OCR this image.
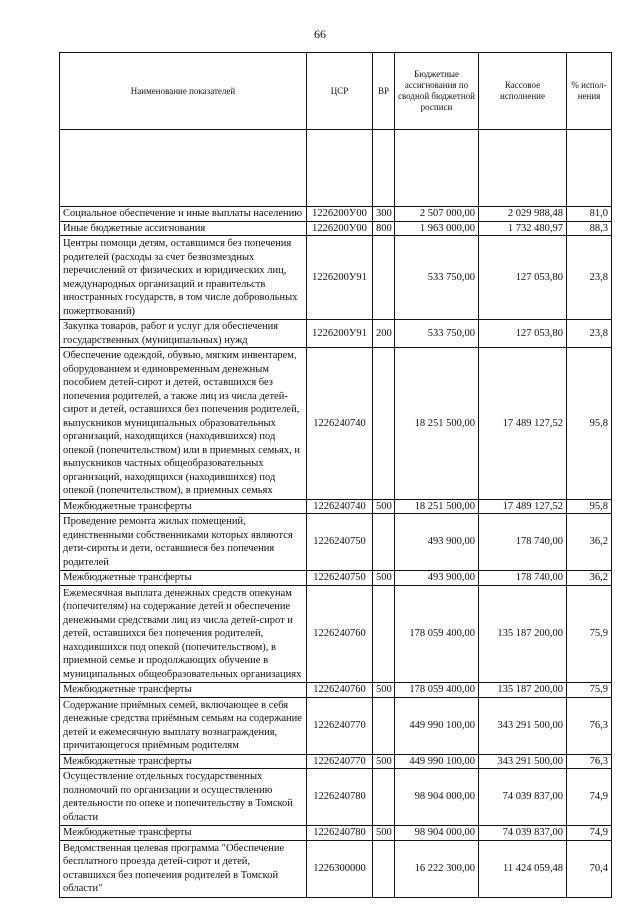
66
Наименование показателей	ЦСР	ВР	Бюджетные ассигнования по сводной бюджетной росписи	Кассовое исполнение	% испол-нения

Социальное обеспечение и иные выплаты населению	1226200У00	300	2 507 000,00	2 029 988,48	81,0
Иные бюджетные ассигнования	1226200У00	800	1 963 000,00	1 732 480,97	88,3
Центры помощи детям, оставшимся без попечения родителей (расходы за счет безвозмездных перечислений от физических и юридических лиц, международных организаций и правительств иностранных государств, в том числе добровольных пожертвований)	1226200У91		533 750,00	127 053,80	23,8
Закупка товаров, работ и услуг для обеспечения государственных (муниципальных) нужд	1226200У91	200	533 750,00	127 053,80	23,8
Обеспечение одеждой, обувью, мягким инвентарем, оборудованием и единовременным денежным пособием детей-сирот и детей, оставшихся без попечения родителей, а также лиц из числа детей-сирот и детей, оставшихся без попечения родителей, выпускников муниципальных образовательных организаций, находящихся (находившихся) под опекой (попечительством) или в приемных семьях, и выпускников частных общеобразовательных организаций, находящихся (находившихся) под опекой (попечительством), в приемных семьях	1226240740		18 251 500,00	17 489 127,52	95,8
Межбюджетные трансферты	1226240740	500	18 251 500,00	17 489 127,52	95,8
Проведение ремонта жилых помещений, единственными собственниками которых являются дети-сироты и дети, оставшиеся без попечения родителей	1226240750		493 900,00	178 740,00	36,2
Межбюджетные трансферты	1226240750	500	493 900,00	178 740,00	36,2
Ежемесячная выплата денежных средств опекунам (попечителям) на содержание детей и обеспечение денежными средствами лиц из числа детей-сирот и детей, оставшихся без попечения родителей, находившихся под опекой (попечительством), в приемной семье и продолжающих обучение в муниципальных общеобразовательных организациях	1226240760		178 059 400,00	135 187 200,00	75,9
Межбюджетные трансферты	1226240760	500	178 059 400,00	135 187 200,00	75,9
Содержание приёмных семей, включающее в себя денежные средства приёмным семьям на содержание детей и ежемесячную выплату вознаграждения, причитающегося приёмным родителям	1226240770		449 990 100,00	343 291 500,00	76,3
Межбюджетные трансферты	1226240770	500	449 990 100,00	343 291 500,00	76,3
Осуществление отдельных государственных полномочий по организации и осуществлению деятельности по опеке и попечительству в Томской области	1226240780		98 904 000,00	74 039 837,00	74,9
Межбюджетные трансферты	1226240780	500	98 904 000,00	74 039 837,00	74,9
Ведомственная целевая программа "Обеспечение бесплатного проезда детей-сирот и детей, оставшихся без попечения родителей в Томской области"	1226300000		16 222 300,00	11 424 059,48	70,4
